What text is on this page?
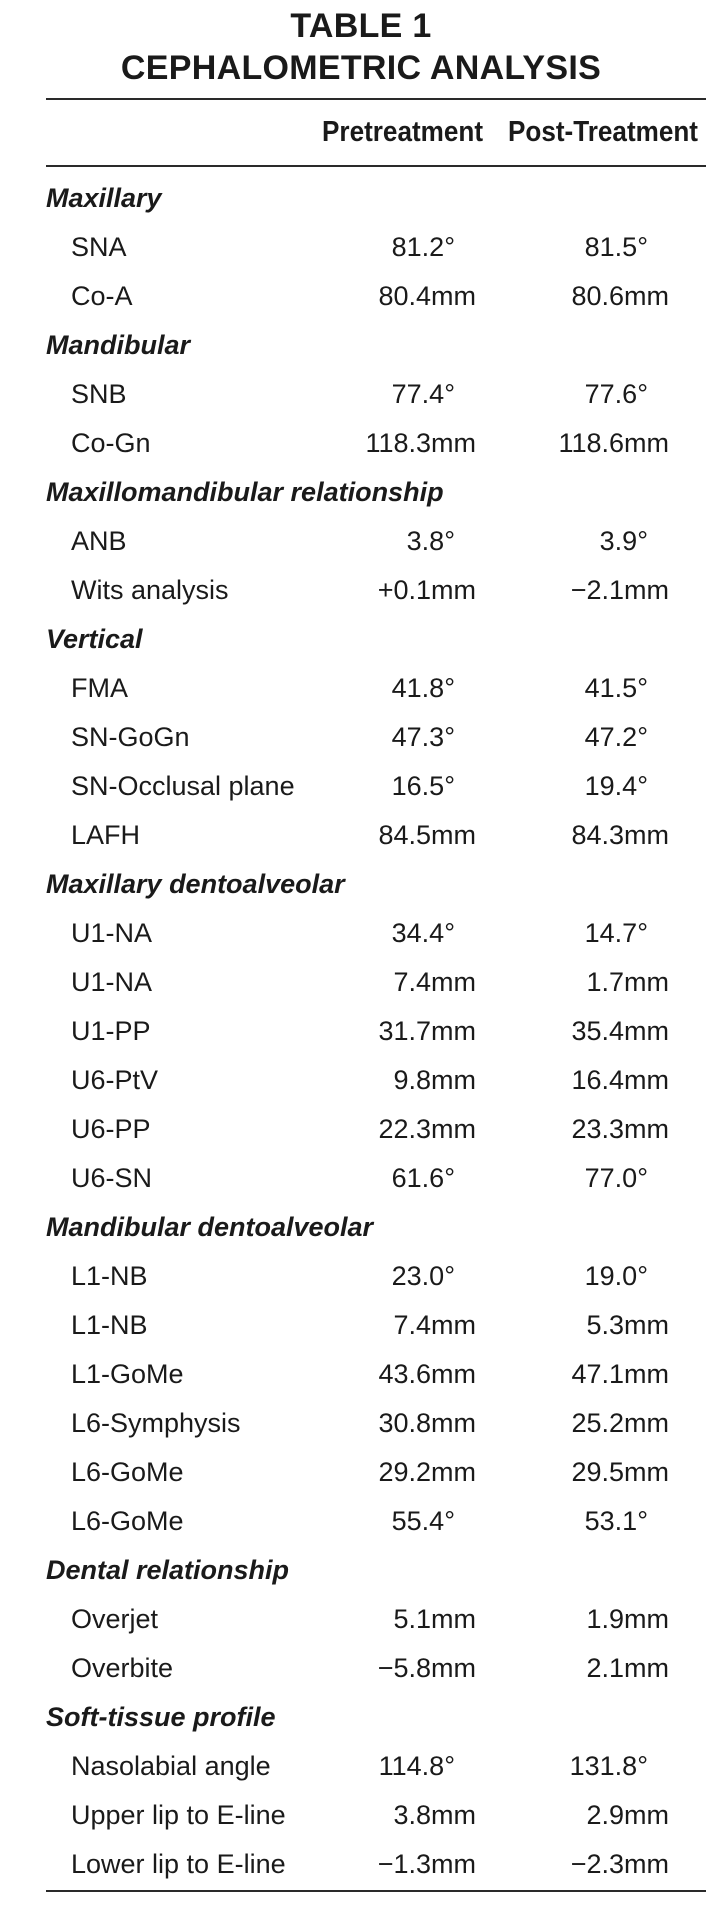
TABLE 1
CEPHALOMETRIC ANALYSIS
Pretreatment Post-Treatment
Maxillary
SNA	81.2°	81.5°
Co-A	80.4mm	80.6mm
Mandibular
SNB	77.4°	77.6°
Co-Gn	118.3mm	118.6mm
Maxillomandibular relationship
ANB	3.8°	3.9°
Wits analysis	+0.1mm	−2.1mm
Vertical
FMA	41.8°	41.5°
SN-GoGn	47.3°	47.2°
SN-Occlusal plane	16.5°	19.4°
LAFH	84.5mm	84.3mm
Maxillary dentoalveolar
U1-NA	34.4°	14.7°
U1-NA	7.4mm	1.7mm
U1-PP	31.7mm	35.4mm
U6-PtV	9.8mm	16.4mm
U6-PP	22.3mm	23.3mm
U6-SN	61.6°	77.0°
Mandibular dentoalveolar
L1-NB	23.0°	19.0°
L1-NB	7.4mm	5.3mm
L1-GoMe	43.6mm	47.1mm
L6-Symphysis	30.8mm	25.2mm
L6-GoMe	29.2mm	29.5mm
L6-GoMe	55.4°	53.1°
Dental relationship
Overjet	5.1mm	1.9mm
Overbite	−5.8mm	2.1mm
Soft-tissue profile
Nasolabial angle	114.8°	131.8°
Upper lip to E-line	3.8mm	2.9mm
Lower lip to E-line	−1.3mm	−2.3mm
